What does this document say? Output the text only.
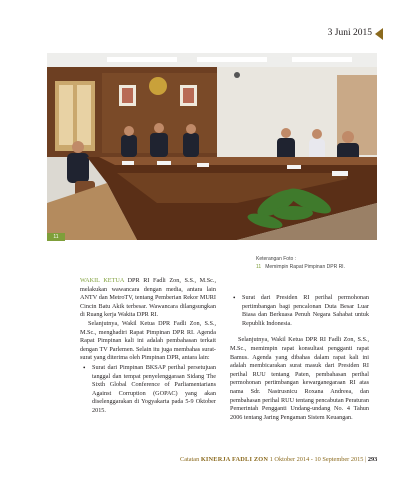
3 Juni 2015
11
Keterangan Foto :
11 Memimpin Rapat Pimpinan DPR RI.

WAKIL KETUA DPR RI Fadli Zon, S.S., M.Sc., melakukan wawancara dengan media, antara lain ANTV dan MetroTV, tentang Pemberian Rekor MURI Cincin Batu Akik terbesar. Wawancara dilangsungkan di Ruang kerja Wakita DPR RI.

Selanjutnya, Wakil Ketua DPR Fadli Zon, S.S., M.Sc., menghadiri Rapat Pimpinan DPR RI. Agenda Rapat Pimpinan kali ini adalah pembahasan terkait dengan TV Parlemen. Selain itu juga membahas surat-surat yang diterima oleh Pimpinan DPR, antara lain:

• Surat dari Pimpinan BKSAP perihal persetujuan tanggal dan tempat penyelenggaraan Sidang The Sixth Global Conference of Parliamentarians Against Corruption (GOPAC) yang akan diselenggarakan di Yogyakarta pada 5-9 Oktober 2015.

• Surat dari Presiden RI perihal permohonan pertimbangan bagi pencalonan Duta Besar Luar Biasa dan Berkuasa Penuh Negara Sahabat untuk Republik Indonesia.

Selanjutnya, Wakil Ketua DPR RI Fadli Zon, S.S., M.Sc., memimpin rapat konsultasi pengganti rapat Bamus. Agenda yang dibahas dalam rapat kali ini adalah membicarakan surat masuk dari Presiden RI perihal RUU tentang Paten, pembahasan perihal permohonan pertimbangan kewarganegaraan RI atas nama Sdr. Nastrusnicu Roxana Andreea, dan pembahasan perihal RUU tentang pencabutan Peraturan Pemerintah Pengganti Undang-undang No. 4 Tahun 2006 tentang Jaring Pengaman Sistem Keuangan.

Catatan KINERJA FADLI ZON 1 Oktober 2014 - 10 September 2015 | 293
